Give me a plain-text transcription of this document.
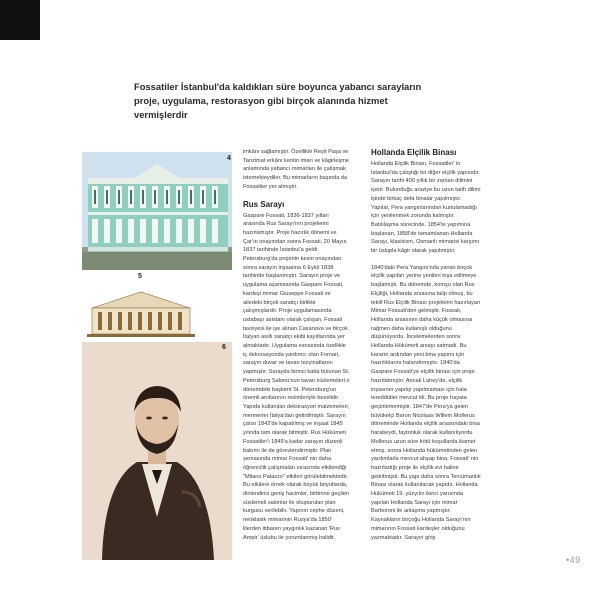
Fossatiler İstanbul'da kaldıkları süre boyunca yabancı sarayların proje, uygulama, restorasyon gibi birçok alanında hizmet vermişlerdir
4
5
6

imkânı sağlamıştır. Özellikle Reşit Paşa ve Tanzimat erkânı kentin imarı ve kâgirleşme anlamında yabancı mimarları ile çalışmak istemekteydiler. Bu mimarların başında da Fossatiler yer almıştır.

Rus Sarayı

Gaspare Fossati, 1836-1837 yılları arasında Rus Sarayı'nın projelerini hazırlamıştır. Proje hazırlık dönemi ve Çar'ın onayından sonra Fossati, 20 Mayıs 1837 tarihinde İstanbul'a geldi. Petersburg'da projenin kesin onayından sonra sarayın inşaatına 6 Eylül 1838 tarihinde başlanmıştır. Sarayın proje ve uygulama aşamasında Gaspare Fossati, kardeşi mimar Giuseppe Fossati ve ailedeki birçok sanatçı birlikte çalışmışlardır. Proje uygulamasında ustabaşı asistanı olarak çalışan, Fossati tavsiyesi ile işe alınan Casanova ve birçok İtalyan asıllı sanatçı ekibi kayıtlarında yer almaktadır. Uygulama esnasında özellikle iç dekorasyonda yardımcı olan Fornari, sarayın duvar ve tavan tezyinatlarını yapmıştır. Sarayda birinci katta bulunan St. Petersburg Salonu'nun tavan süslemeleri o dönemdeki başkent St. Petersburg'un önemli anıtlarının resimleriyle bezelidir. Yapıda kullanılan dekorasyon malzemeleri, mermerler İtalya'dan getirtilmiştir. Sarayın çatısı 1842'de kapatılmış ve inşaat 1845 yılında tam olarak bitmiştir. Rus Hükümeti Fossatiler'i 1849'a kadar sarayın düzenli bakımı ile de görevlendirmiştir. Plan şemasında mimar Fossati' nin daha öğrencilik çalışmaları sırasında etkilendiği "Milano Palazzo" etkileri görülebilmektedir. Bu etkilere örnek olarak büyük boyutlarda, dinlendirici geniş hacimler, birbirine geçilen süslemeli salonlar ile oluşturulan plan kurgusu verilebilir. Yapının cephe düzeni, neoklasik mimarinin Rusya'da 1850' lilerden itibaren yaygınlık kazanan 'Rus Ampir' üslubu ile yorumlanmış halidir.

Hollanda Elçilik Binası

Hollanda Elçilik Binası, Fossatiler' in İstanbul'da çalıştığı bir diğer elçilik yapısıdır. Sarayın tarihi 400 yıllık bir zaman dilimini içerir. Bulunduğu araziye bu uzun tarih dilimi içinde birkaç defa binalar yapılmıştır. Yapılar, Pera yangınlarından kurtulamadığı için yenilenmek zorunda kalmıştır. Batılılaşma sürecinde, 1854'te yapımına başlanan, 1858'de tamamlanan Hollanda Sarayı, klasisizm, Osmanlı mimarisi karşımı bir üslupla kâgir olarak yapılmıştır.

1840'daki Pera Yangını'nda yanan birçok elçilik yapıları yerine yenileri inşa edilmeye başlamıştı. Bu dönemde, komşu olan Rus Elçiliği, Hollanda arsasına talip olmuş, bu teklif Rus Elçilik Binası projelerini hazırlayan Mimar Fossati'den gelmiştir. Fossati, Hollanda arsasının daha küçük olmasına rağmen daha kullanışlı olduğunu düşünüyordu. İncelemelerden sonra Hollanda Hükümeti arsayı satmadı. Bu kararın ardından yeni bina yapımı için hazırlıklarını halandırmıştır. 1840'da Gaspare Fossati'ye elçilik binası için proje hazırlatmıştır. Ancak Lahey'de, elçilik inşasının yapılıp yapılmaması için hala tereddütler mevcut idi. Bu proje hayata geçirilememiştir. 1847'de Pera'ya gelen büyükelçi Baron Nicolaas Willem Mollerus döneminde Hollanda elçilik arsasındaki bina harabeydi, faytonluk olarak kullanılıyordu. Mollerus uzun süre kötü koşullarda ikamet etmiş, sonra Hollanda hükümetinden gelen yardımlarla mevcut ahşap bina, Fossati' nin hazırladığı proje ile elçilik evi haline getirilmiştir. Bu yapı daha sonra Tercümanlık Binası olarak kullanılacak yapıdır. Hollanda Hükümeti 19. yüzyılın ikinci yarısında yapılan Hollanda Sarayı için mimar Barboroni ile anlaşma yapmıştır. Kaynakların birçoğu Hollanda Sarayı'nın mimarının Fossati kardeşler olduğunu yazmaktadır. Sarayın giriş

•49
